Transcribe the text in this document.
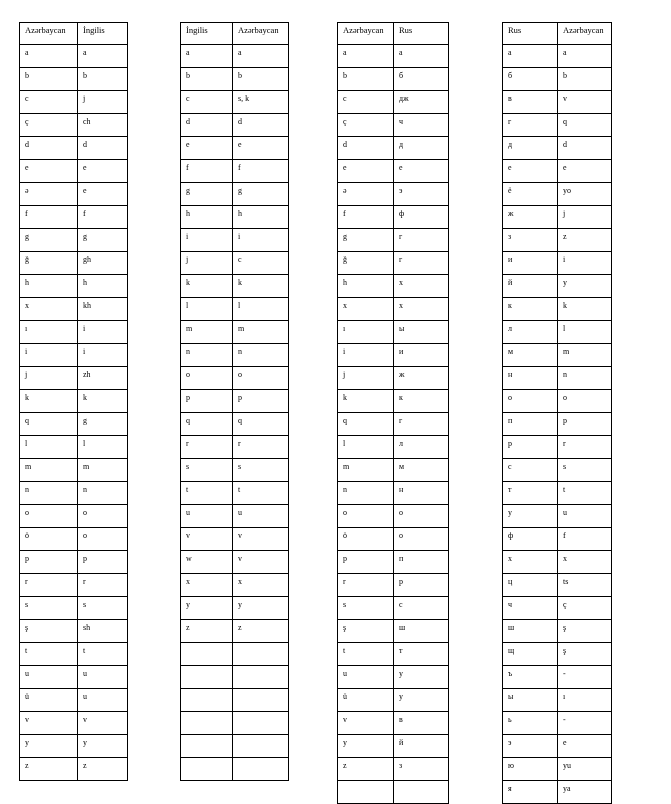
Azərbaycan	İngilis
a	a
b	b
c	j
ç	ch
d	d
e	e
ə	e
f	f
g	g
ğ	gh
h	h
x	kh
ı	i
i	i
j	zh
k	k
q	g
l	l
m	m
n	n
o	o
ö	o
p	p
r	r
s	s
ş	sh
t	t
u	u
ü	u
v	v
y	y
z	z
İngilis	Azərbaycan
a	a
b	b
c	s, k
d	d
e	e
f	f
g	g
h	h
i	i
j	c
k	k
l	l
m	m
n	n
o	o
p	p
q	q
r	r
s	s
t	t
u	u
v	v
w	v
x	x
y	y
z	z

Azərbaycan	Rus
a	a
b	б
c	дж
ç	ч
d	д
e	e
ə	э
f	ф
g	г
ğ	г
h	х
x	х
ı	ы
i	и
j	ж
k	к
q	г
l	л
m	м
n	н
o	о
ö	о
p	п
r	р
s	с
ş	ш
t	т
u	у
ü	у
v	в
y	й
z	з

Rus	Azərbaycan
а	a
б	b
в	v
г	q
д	d
е	e
ё	yo
ж	j
з	z
и	i
й	y
к	k
л	l
м	m
н	n
о	o
п	p
р	r
с	s
т	t
у	u
ф	f
х	x
ц	ts
ч	ç
ш	ş
щ	ş
ъ	-
ы	ı
ь	-
э	e
ю	yu
я	ya
